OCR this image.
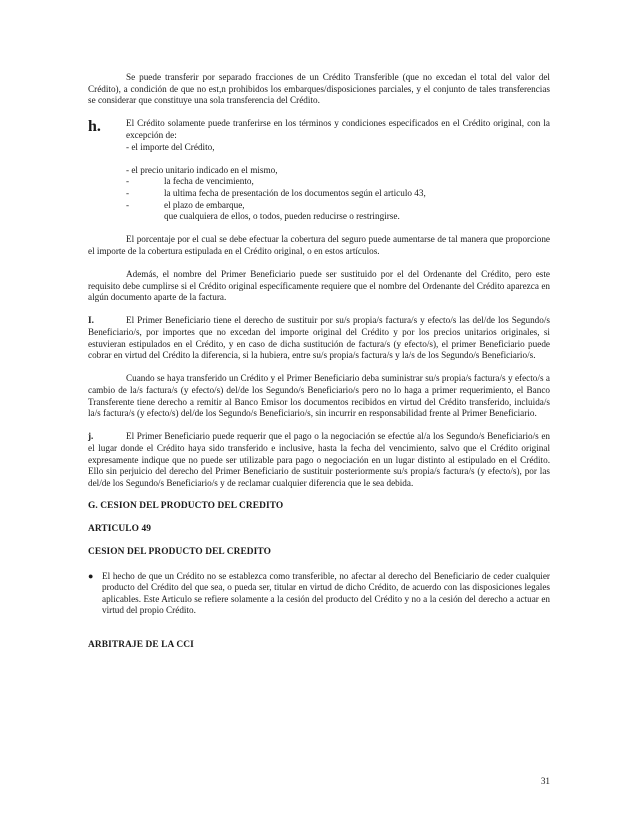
Se puede transferir por separado fracciones de un Crédito Transferible (que no excedan el total del valor del Crédito), a condición de que no est,n prohibidos los embarques/disposiciones parciales, y el conjunto de tales transferencias se considerar que constituye una sola transferencia del Crédito.

h.	El Crédito solamente puede tranferirse en los términos y condiciones especificados en el Crédito original, con la excepción de:

- el importe del Crédito,
- el precio unitario indicado en el mismo,
-	la fecha de vencimiento,
-	la ultima fecha de presentación de los documentos según el articulo 43,
-	el plazo de embarque,
que cualquiera de ellos, o todos, pueden reducirse o restringirse.

El porcentaje por el cual se debe efectuar la cobertura del seguro puede aumentarse de tal manera que proporcione el importe de la cobertura estipulada en el Crédito original, o en estos artículos.

Además, el nombre del Primer Beneficiario puede ser sustituido por el del Ordenante del Crédito, pero este requisito debe cumplirse si el Crédito original específicamente requiere que el nombre del Ordenante del Crédito aparezca en algún documento aparte de la factura.

I.	El Primer Beneficiario tiene el derecho de sustituir por su/s propia/s factura/s y efecto/s las del/de los Segundo/s Beneficiario/s, por importes que no excedan del importe original del Crédito y por los precios unitarios originales, si estuvieran estipulados en el Crédito, y en caso de dicha sustitución de factura/s (y efecto/s), el primer Beneficiario puede cobrar en virtud del Crédito la diferencia, si la hubiera, entre su/s propia/s factura/s y la/s de los Segundo/s Beneficiario/s.

Cuando se haya transferido un Crédito y el Primer Beneficiario deba suministrar su/s propia/s factura/s y efecto/s a cambio de la/s factura/s (y efecto/s) del/de los Segundo/s Beneficiario/s pero no lo haga a primer requerimiento, el Banco Transferente tiene derecho a remitir al Banco Emisor los documentos recibidos en virtud del Crédito transferido, incluida/s la/s factura/s (y efecto/s) del/de los Segundo/s Beneficiario/s, sin incurrir en responsabilidad frente al Primer Beneficiario.

j.	El Primer Beneficiario puede requerir que el pago o la negociación se efectúe al/a los Segundo/s Beneficiario/s en el lugar donde el Crédito haya sido transferido e inclusive, hasta la fecha del vencimiento, salvo que el Crédito original expresamente indique que no puede ser utilizable para pago o negociación en un lugar distinto al estipulado en el Crédito. Ello sin perjuicio del derecho del Primer Beneficiario de sustituir posteriormente su/s propia/s factura/s (y efecto/s), por las del/de los Segundo/s Beneficiario/s y de reclamar cualquier diferencia que le sea debida.

G. CESION DEL PRODUCTO DEL CREDITO
ARTICULO 49
CESION DEL PRODUCTO DEL CREDITO
● El hecho de que un Crédito no se establezca como transferible, no afectar al derecho del Beneficiario de ceder cualquier producto del Crédito del que sea, o pueda ser, titular en virtud de dicho Crédito, de acuerdo con las disposiciones legales aplicables. Este Articulo se refiere solamente a la cesión del producto del Crédito y no a la cesión del derecho a actuar en virtud del propio Crédito.

ARBITRAJE DE LA CCI
31
